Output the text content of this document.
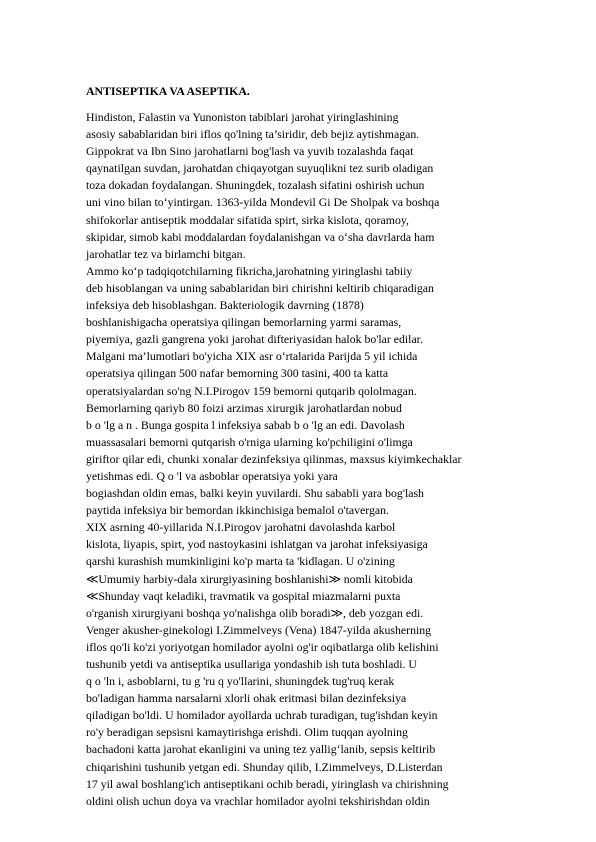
ANTISEPTIKA VA ASEPTIKA.
Hindiston, Falastin va Yunoniston tabiblari jarohat yiringlashining
asosiy sabablaridan biri iflos qo'lning ta’siridir, deb bejiz aytishmagan.
Gippokrat va Ibn Sino jarohatlarni bog'lash va yuvib tozalashda faqat
qaynatilgan suvdan, jarohatdan chiqayotgan suyuqlikni tez surib oladigan
toza dokadan foydalangan. Shuningdek, tozalash sifatini oshirish uchun
uni vino bilan to‘yintirgan. 1363-yilda Mondevil Gi De Sholpak va boshqa
shifokorlar antiseptik moddalar sifatida spirt, sirka kislota, qoramoy,
skipidar, simob kabi moddalardan foydalanishgan va o‘sha davrlarda ham
jarohatlar tez va birlamchi bitgan.
Ammo ko‘p tadqiqotchilarning fikricha,jarohatning yiringlashi tabiiy
deb hisoblangan va uning sabablaridan biri chirishni keltirib chiqaradigan
infeksiya deb hisoblashgan. Bakteriologik davrning (1878)
boshlanishigacha operatsiya qilingan bemorlarning yarmi saramas,
piyemiya, gazli gangrena yoki jarohat difteriyasidan halok bo'lar edilar.
Malgani ma’lumotlari bo'yicha XIX asr o‘rtalarida Parijda 5 yil ichida
operatsiya qilingan 500 nafar bemorning 300 tasini, 400 ta katta
operatsiyalardan so'ng N.I.Pirogov 159 bemorni qutqarib qololmagan.
Bemorlarning qariyb 80 foizi arzimas xirurgik jarohatlardan nobud
b o 'lg a n . Bunga gospita l infeksiya sabab b o 'lg an edi. Davolash
muassasalari bemorni qutqarish o'rniga ularning ko'pchiligini o'limga
giriftor qilar edi, chunki xonalar dezinfeksiya qilinmas, maxsus kiyimkechaklar
yetishmas edi. Q o 'l va asboblar operatsiya yoki yara
bogiashdan oldin emas, balki keyin yuvilardi. Shu sababli yara bog'lash
paytida infeksiya bir bemordan ikkinchisiga bemalol o'tavergan.
XIX asrning 40-yillarida N.I.Pirogov jarohatni davolashda karbol
kislota, liyapis, spirt, yod nastoykasini ishlatgan va jarohat infeksiyasiga
qarshi kurashish mumkinligini ko'p marta ta 'kidlagan. U o'zining
≪Umumiy harbiy-dala xirurgiyasining boshlanishi≫ nomli kitobida
≪Shunday vaqt keladiki, travmatik va gospital miazmalarni puxta
o'rganish xirurgiyani boshqa yo'nalishga olib boradi≫, deb yozgan edi.
Venger akusher-ginekologi I.Zimmelveys (Vena) 1847-yilda akusherning
iflos qo'li ko'zi yoriyotgan homilador ayolni og'ir oqibatlarga olib kelishini
tushunib yetdi va antiseptika usullariga yondashib ish tuta boshladi. U
q o 'ln i, asboblarni, tu g 'ru q yo'llarini, shuningdek tug'ruq kerak
bo'ladigan hamma narsalarni xlorli ohak eritmasi bilan dezinfeksiya
qiladigan bo'ldi. U homilador ayollarda uchrab turadigan, tug'ishdan keyin
ro'y beradigan sepsisni kamaytirishga erishdi. Olim tuqqan ayolning
bachadoni katta jarohat ekanligini va uning tez yallig‘lanib, sepsis keltirib
chiqarishini tushunib yetgan edi. Shunday qilib, I.Zimmelveys, D.Listerdan
17 yil awal boshlang'ich antiseptikani ochib beradi, yiringlash va chirishning
oldini olish uchun doya va vrachlar homilador ayolni tekshirishdan oldin
